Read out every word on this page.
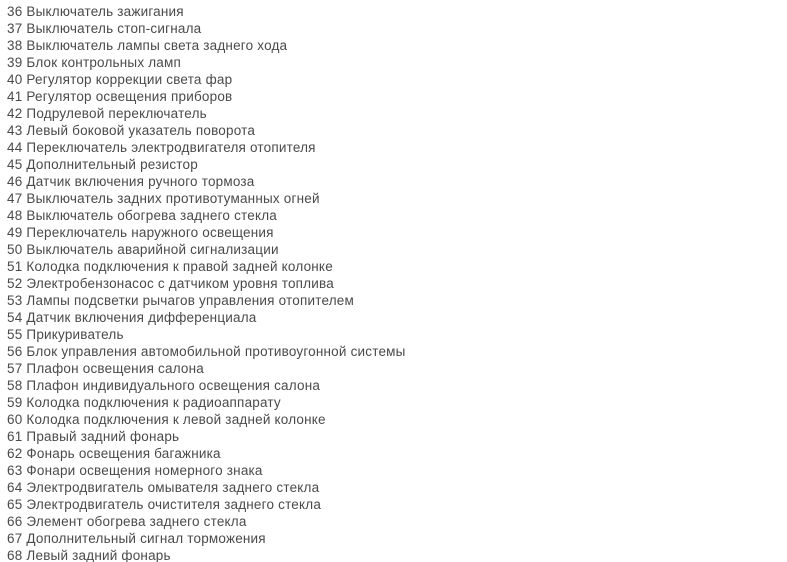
36 Выключатель зажигания
37 Выключатель стоп-сигнала
38 Выключатель лампы света заднего хода
39 Блок контрольных ламп
40 Регулятор коррекции света фар
41 Регулятор освещения приборов
42 Подрулевой переключатель
43 Левый боковой указатель поворота
44 Переключатель электродвигателя отопителя
45 Дополнительный резистор
46 Датчик включения ручного тормоза
47 Выключатель задних противотуманных огней
48 Выключатель обогрева заднего стекла
49 Переключатель наружного освещения
50 Выключатель аварийной сигнализации
51 Колодка подключения к правой задней колонке
52 Электробензонасос с датчиком уровня топлива
53 Лампы подсветки рычагов управления отопителем
54 Датчик включения дифференциала
55 Прикуриватель
56 Блок управления автомобильной противоугонной системы
57 Плафон освещения салона
58 Плафон индивидуального освещения салона
59 Колодка подключения к радиоаппарату
60 Колодка подключения к левой задней колонке
61 Правый задний фонарь
62 Фонарь освещения багажника
63 Фонари освещения номерного знака
64 Электродвигатель омывателя заднего стекла
65 Электродвигатель очистителя заднего стекла
66 Элемент обогрева заднего стекла
67 Дополнительный сигнал торможения
68 Левый задний фонарь
